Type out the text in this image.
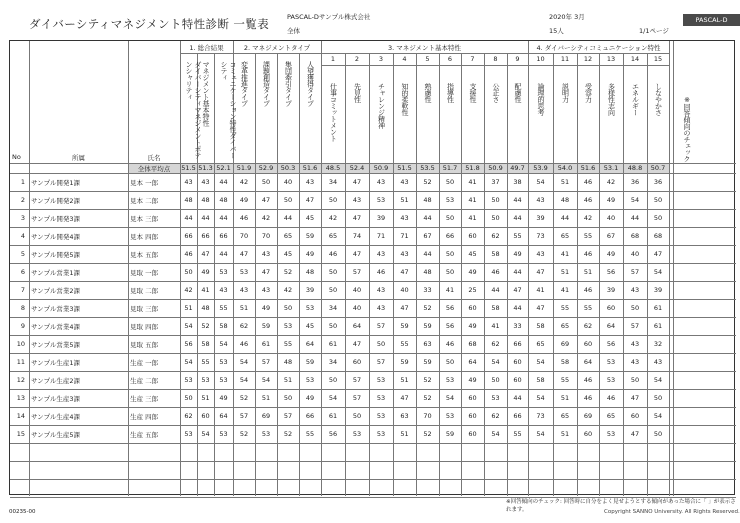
ダイバーシティマネジメント特性診断 一覧表	PASCAL-Dサンプル株式会社
全体
2020年 3月
15人	1/1ページ
PASCAL-D
1. 総合結果	2. マネジメントタイプ	3. マネジメント基本特性	4. ダイバーシティコミュニケーション特性
ダイバーシティマネジメントポテンシャリティ	マネジメント基本特性	コミュニケーション特性ダイバーシティ	変革推進タイプ 課題創造タイプ 集団牽引タイプ 人望獲得タイプ
1
仕事コミットメント
2
先見性
3
チャレンジ精神
4
知的柔軟性
5
熟慮性
6
指導性
7
支援性
8
公正さ
9
配慮性
10
論理的思考
11
説明力
12
受容力
13
多様性志向
14
エネルギー
15
しなやかさ
No	所属	氏名	※回答傾向のチェック
全体平均点	51.5 51.3 52.1 51.9	52.9	50.3	51.6	48.5	52.4	50.9	51.5	53.5	51.7	51.8	50.9	49.7	53.9	54.0	51.6	53.1	48.8	50.7
1 サンプル開発1課	見本 一郎	43	43	44	42	50	40	43	34	47	43	43	52	50	41	37	38	54	51	46	42	36	36
2 サンプル開発2課	見本 二郎	48	48	48	49	47	50	47	50	43	53	51	48	53	41	50	44	43	48	46	49	54	50
3 サンプル開発3課	見本 三郎	44	44	44	46	42	44	45	42	47	39	43	44	50	41	50	44	39	44	42	40	44	50
4 サンプル開発4課	見本 四郎	66	66	66	70	70	65	59	65	74	71	71	67	66	60	62	55	73	65	55	67	68	68
5 サンプル開発5課	見本 五郎	46	47	44	47	43	45	49	46	47	43	43	44	50	45	58	49	43	41	46	49	40	47
6 サンプル営業1課	見取 一郎	50	49	53	53	47	52	48	50	57	46	47	48	50	49	46	44	47	51	51	56	57	54
7 サンプル営業2課	見取 二郎	42	41	43	43	43	42	39	50	40	43	40	33	41	25	44	47	41	41	46	39	43	39
8 サンプル営業3課	見取 三郎	51	48	55	51	49	50	53	34	40	43	47	52	56	60	58	44	47	55	55	60	50	61
9 サンプル営業4課	見取 四郎	54	52	58	62	59	53	45	50	64	57	59	59	56	49	41	33	58	65	62	64	57	61
10 サンプル営業5課	見取 五郎	56	58	54	46	61	55	64	61	47	50	55	63	46	68	62	66	65	69	60	56	43	32
11 サンプル生産1課	生産 一郎	54	55	53	54	57	48	59	34	60	57	59	59	50	64	54	60	54	58	64	53	43	43
12 サンプル生産2課	生産 二郎	53	53	53	54	54	51	53	50	57	53	51	52	53	49	50	60	58	55	46	53	50	54
13 サンプル生産3課	生産 三郎	50	51	49	52	51	50	49	54	57	53	47	52	54	60	53	44	54	51	46	46	47	50
14 サンプル生産4課	生産 四郎	62	60	64	57	69	57	66	61	50	53	63	70	53	60	62	66	73	65	69	65	60	54
15 サンプル生産5課	生産 五郎	53	54	53	52	53	52	55	56	53	53	51	52	59	60	54	55	54	51	60	53	47	50
※回答傾向のチェック: 回答時に自分をよく見せようとする傾向があった場合に「 」が表示されます。
00235-00	Copyright SANNO University. All Rights Reserved.
